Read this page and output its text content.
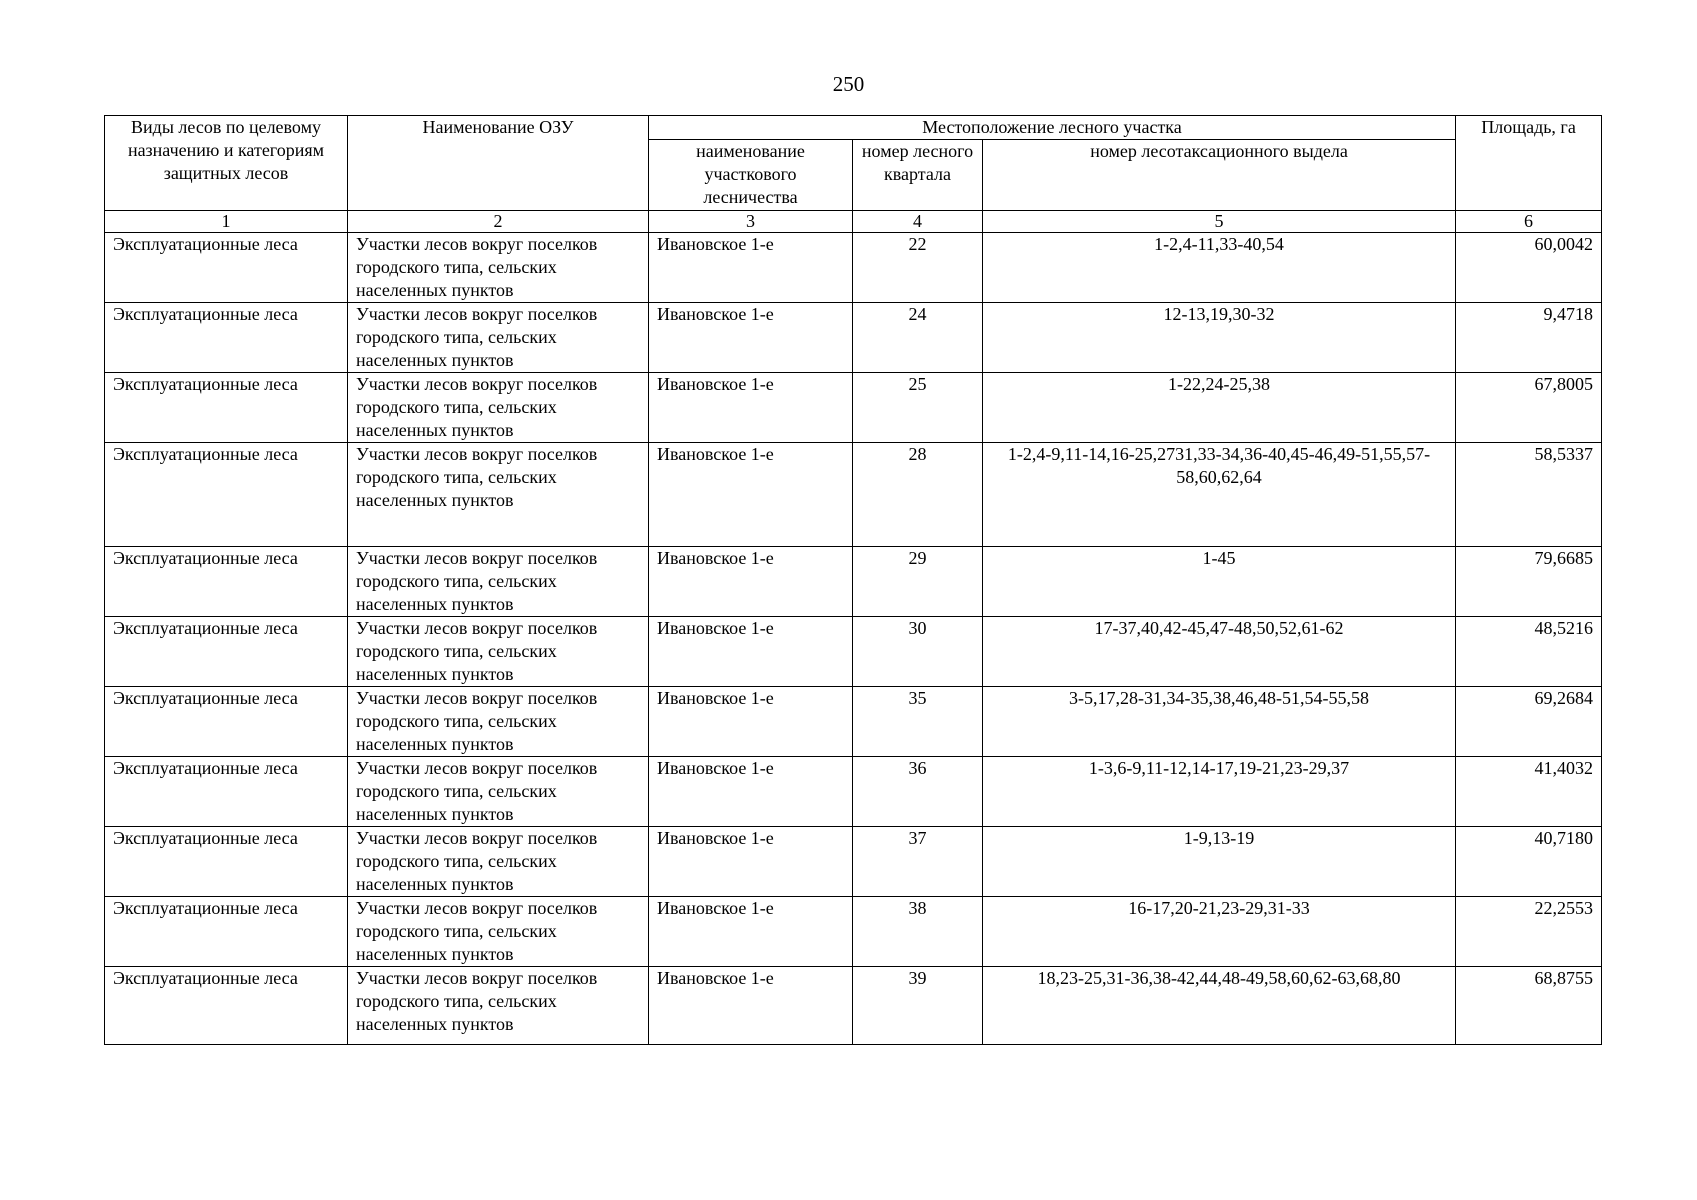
250
Виды лесов по целевому назначению и категориям защитных лесов	Наименование ОЗУ	Местоположение лесного участка			Площадь, га
		наименование участкового лесничества	номер лесного квартала	номер лесотаксационного выдела	
1	2	3	4	5	6
Эксплуатационные леса	Участки лесов вокруг поселков городского типа, сельских населенных пунктов	Ивановское 1-е	22	1-2,4-11,33-40,54	60,0042
Эксплуатационные леса	Участки лесов вокруг поселков городского типа, сельских населенных пунктов	Ивановское 1-е	24	12-13,19,30-32	9,4718
Эксплуатационные леса	Участки лесов вокруг поселков городского типа, сельских населенных пунктов	Ивановское 1-е	25	1-22,24-25,38	67,8005
Эксплуатационные леса	Участки лесов вокруг поселков городского типа, сельских населенных пунктов	Ивановское 1-е	28	1-2,4-9,11-14,16-25,2731,33-34,36-40,45-46,49-51,55,57-58,60,62,64	58,5337
Эксплуатационные леса	Участки лесов вокруг поселков городского типа, сельских населенных пунктов	Ивановское 1-е	29	1-45	79,6685
Эксплуатационные леса	Участки лесов вокруг поселков городского типа, сельских населенных пунктов	Ивановское 1-е	30	17-37,40,42-45,47-48,50,52,61-62	48,5216
Эксплуатационные леса	Участки лесов вокруг поселков городского типа, сельских населенных пунктов	Ивановское 1-е	35	3-5,17,28-31,34-35,38,46,48-51,54-55,58	69,2684
Эксплуатационные леса	Участки лесов вокруг поселков городского типа, сельских населенных пунктов	Ивановское 1-е	36	1-3,6-9,11-12,14-17,19-21,23-29,37	41,4032
Эксплуатационные леса	Участки лесов вокруг поселков городского типа, сельских населенных пунктов	Ивановское 1-е	37	1-9,13-19	40,7180
Эксплуатационные леса	Участки лесов вокруг поселков городского типа, сельских населенных пунктов	Ивановское 1-е	38	16-17,20-21,23-29,31-33	22,2553
Эксплуатационные леса	Участки лесов вокруг поселков городского типа, сельских населенных пунктов	Ивановское 1-е	39	18,23-25,31-36,38-42,44,48-49,58,60,62-63,68,80	68,8755
